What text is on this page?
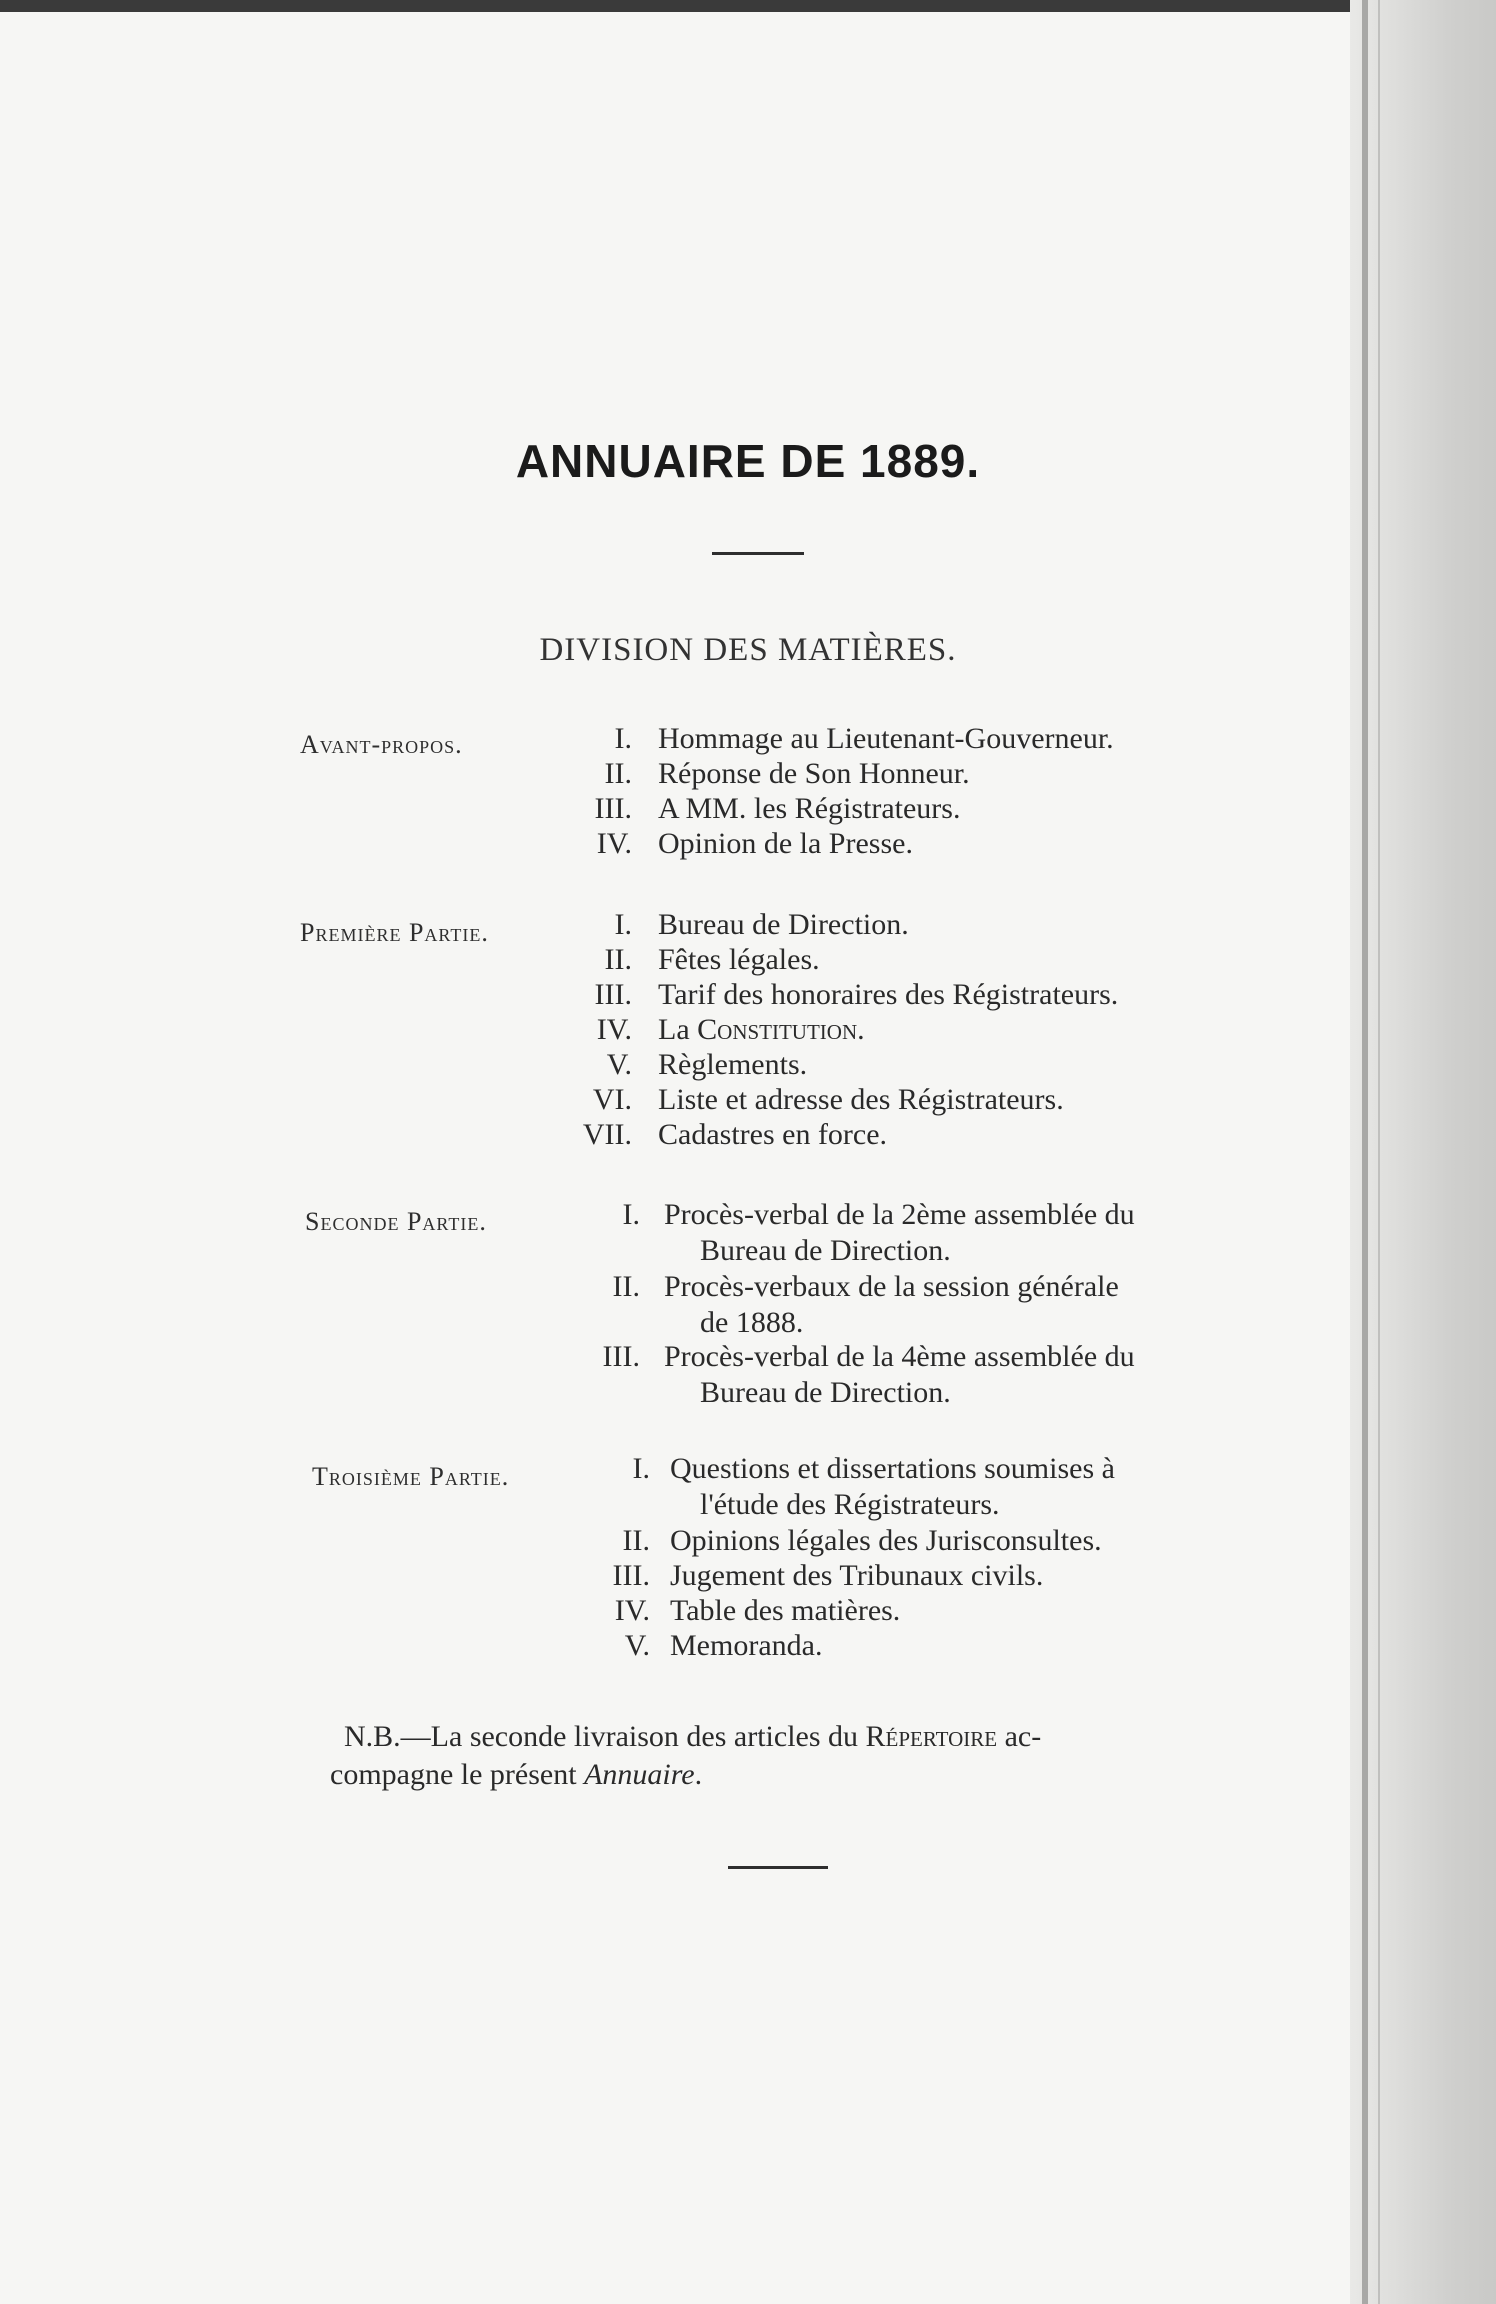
ANNUAIRE DE 1889.
DIVISION DES MATIÈRES.
Avant-propos.	I. Hommage au Lieutenant-Gouverneur.
II. Réponse de Son Honneur.
III. A MM. les Régistrateurs.
IV. Opinion de la Presse.
Première Partie.	I. Bureau de Direction.
II. Fêtes légales.
III. Tarif des honoraires des Régistrateurs.
IV. La Constitution.
V. Règlements.
VI. Liste et adresse des Régistrateurs.
VII. Cadastres en force.
Seconde Partie.	I. Procès-verbal de la 2ème assemblée du
Bureau de Direction.
II. Procès-verbaux de la session générale
de 1888.
III. Procès-verbal de la 4ème assemblée du
Bureau de Direction.
Troisième Partie.	I. Questions et dissertations soumises à
l'étude des Régistrateurs.
II. Opinions légales des Jurisconsultes.
III. Jugement des Tribunaux civils.
IV. Table des matières.
V. Memoranda.
N.B.—La seconde livraison des articles du Répertoire ac-
compagne le présent Annuaire.
